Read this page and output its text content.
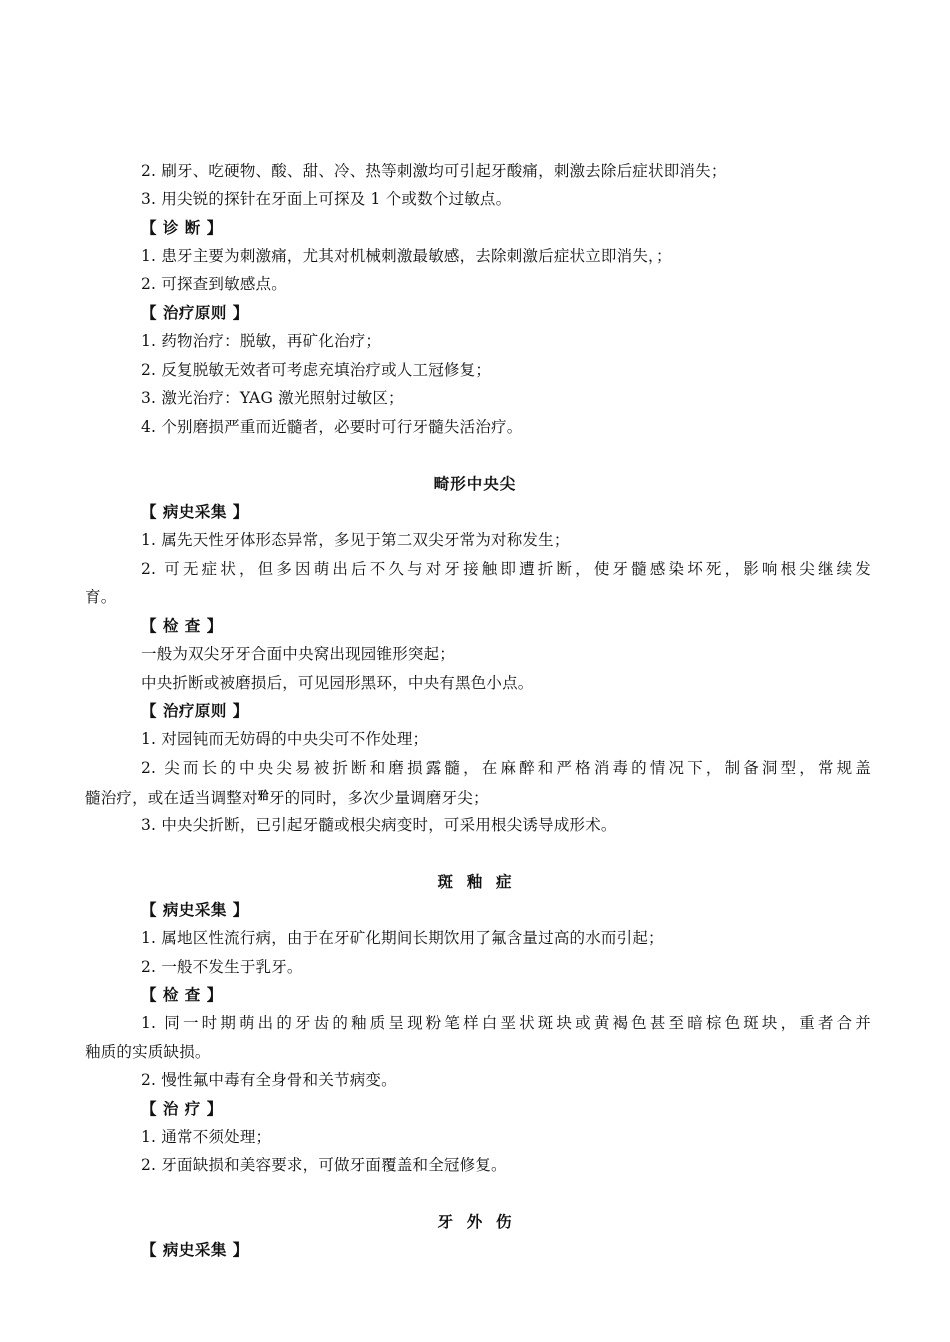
2. 刷牙、吃硬物、酸、甜、冷、热等刺激均可引起牙酸痛，刺激去除后症状即消失；
3. 用尖锐的探针在牙面上可探及 1 个或数个过敏点。
【 诊 断 】
1. 患牙主要为刺激痛，尤其对机械刺激最敏感，去除刺激后症状立即消失，；
2. 可探查到敏感点。
【 治疗原则 】
1. 药物治疗：脱敏，再矿化治疗；
2. 反复脱敏无效者可考虑充填治疗或人工冠修复；
3. 激光治疗：YAG 激光照射过敏区；
4. 个别磨损严重而近髓者，必要时可行牙髓失活治疗。
畸形中央尖
【 病史采集 】
1. 属先天性牙体形态异常，多见于第二双尖牙常为对称发生；
2. 可无症状，但多因萌出后不久与对牙接触即遭折断，使牙髓感染坏死，影响根尖继续发
育。
【 检 查 】
一般为双尖牙牙合面中央窝出现园锥形突起；
中央折断或被磨损后，可见园形黑环，中央有黑色小点。
【 治疗原则 】
1. 对园钝而无妨碍的中央尖可不作处理；
2. 尖而长的中央尖易被折断和磨损露髓，在麻醉和严格消毒的情况下，制备洞型，常规盖
髓治疗，或在适当调整对𬌗牙的同时，多次少量调磨牙尖；
3. 中央尖折断，已引起牙髓或根尖病变时，可采用根尖诱导成形术。
斑  釉  症
【 病史采集 】
1. 属地区性流行病，由于在牙矿化期间长期饮用了氟含量过高的水而引起；
2. 一般不发生于乳牙。
【 检 查 】
1. 同一时期萌出的牙齿的釉质呈现粉笔样白垩状斑块或黄褐色甚至暗棕色斑块，重者合并
釉质的实质缺损。
2. 慢性氟中毒有全身骨和关节病变。
【 治 疗 】
1. 通常不须处理；
2. 牙面缺损和美容要求，可做牙面覆盖和全冠修复。
牙  外  伤
【 病史采集 】
